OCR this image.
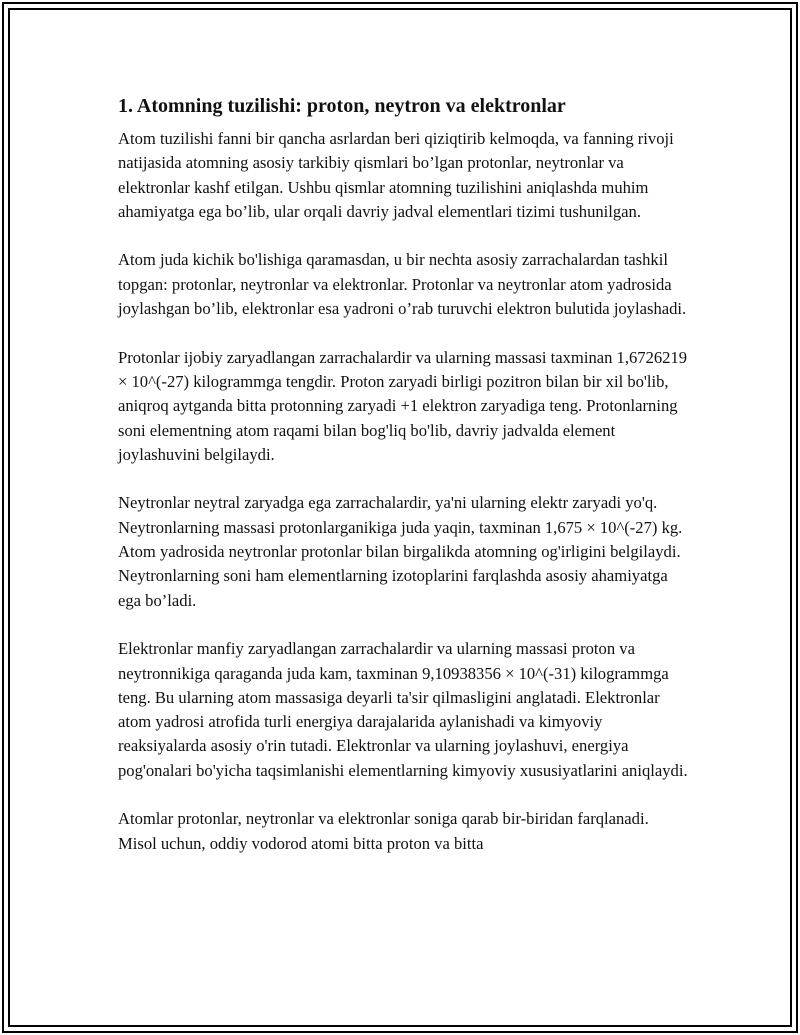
1. Atomning tuzilishi: proton, neytron va elektronlar

Atom tuzilishi fanni bir qancha asrlardan beri qiziqtirib kelmoqda, va fanning rivoji natijasida atomning asosiy tarkibiy qismlari bo’lgan protonlar, neytronlar va elektronlar kashf etilgan. Ushbu qismlar atomning tuzilishini aniqlashda muhim ahamiyatga ega bo’lib, ular orqali davriy jadval elementlari tizimi tushunilgan.

Atom juda kichik bo'lishiga qaramasdan, u bir nechta asosiy zarrachalardan tashkil topgan: protonlar, neytronlar va elektronlar. Protonlar va neytronlar atom yadrosida joylashgan bo’lib, elektronlar esa yadroni o’rab turuvchi elektron bulutida joylashadi.

Protonlar ijobiy zaryadlangan zarrachalardir va ularning massasi taxminan 1,6726219 × 10^(-27) kilogrammga tengdir. Proton zaryadi birligi pozitron bilan bir xil bo'lib, aniqroq aytganda bitta protonning zaryadi +1 elektron zaryadiga teng. Protonlarning soni elementning atom raqami bilan bog'liq bo'lib, davriy jadvalda element joylashuvini belgilaydi.

Neytronlar neytral zaryadga ega zarrachalardir, ya'ni ularning elektr zaryadi yo'q. Neytronlarning massasi protonlarganikiga juda yaqin, taxminan 1,675 × 10^(-27) kg. Atom yadrosida neytronlar protonlar bilan birgalikda atomning og'irligini belgilaydi. Neytronlarning soni ham elementlarning izotoplarini farqlashda asosiy ahamiyatga ega bo’ladi.

Elektronlar manfiy zaryadlangan zarrachalardir va ularning massasi proton va neytronnikiga qaraganda juda kam, taxminan 9,10938356 × 10^(-31) kilogrammga teng. Bu ularning atom massasiga deyarli ta'sir qilmasligini anglatadi. Elektronlar atom yadrosi atrofida turli energiya darajalarida aylanishadi va kimyoviy reaksiyalarda asosiy o'rin tutadi. Elektronlar va ularning joylashuvi, energiya pog'onalari bo'yicha taqsimlanishi elementlarning kimyoviy xususiyatlarini aniqlaydi.

Atomlar protonlar, neytronlar va elektronlar soniga qarab bir-biridan farqlanadi. Misol uchun, oddiy vodorod atomi bitta proton va bitta
